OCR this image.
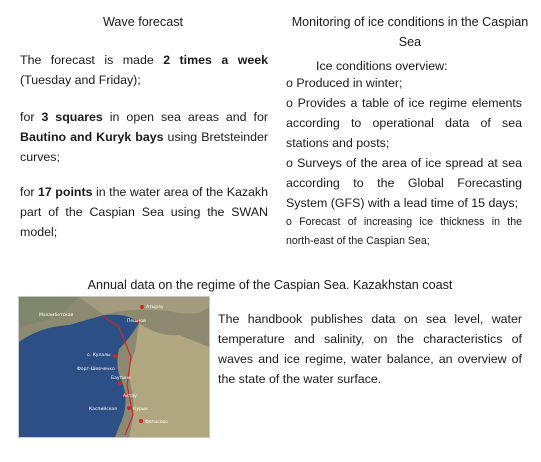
Wave forecast

The forecast is made 2 times a week (Tuesday and Friday);

for 3 squares in open sea areas and for Bautino and Kuryk bays using Bretsteinder curves;

for 17 points in the water area of the Kazakh part of the Caspian Sea using the SWAN model;

Monitoring of ice conditions in the Caspian Sea
Ice conditions overview:

o Produced in winter;

o Provides a table of ice regime elements according to operational data of sea stations and posts;

o Surveys of the area of ice spread at sea according to the Global Forecasting System (GFS) with a lead time of 15 days;

o Forecast of increasing ice thickness in the north-east of the Caspian Sea;

Annual data on the regime of the Caspian Sea. Kazakhstan coast
Атырау
Махамбетская
Пешной
о. Кулалы
Форт-Шевченко
Баутино
Актау
Каспийская	Курык
Фетисово

The handbook publishes data on sea level, water temperature and salinity, on the characteristics of waves and ice regime, water balance, an overview of the state of the water surface.
